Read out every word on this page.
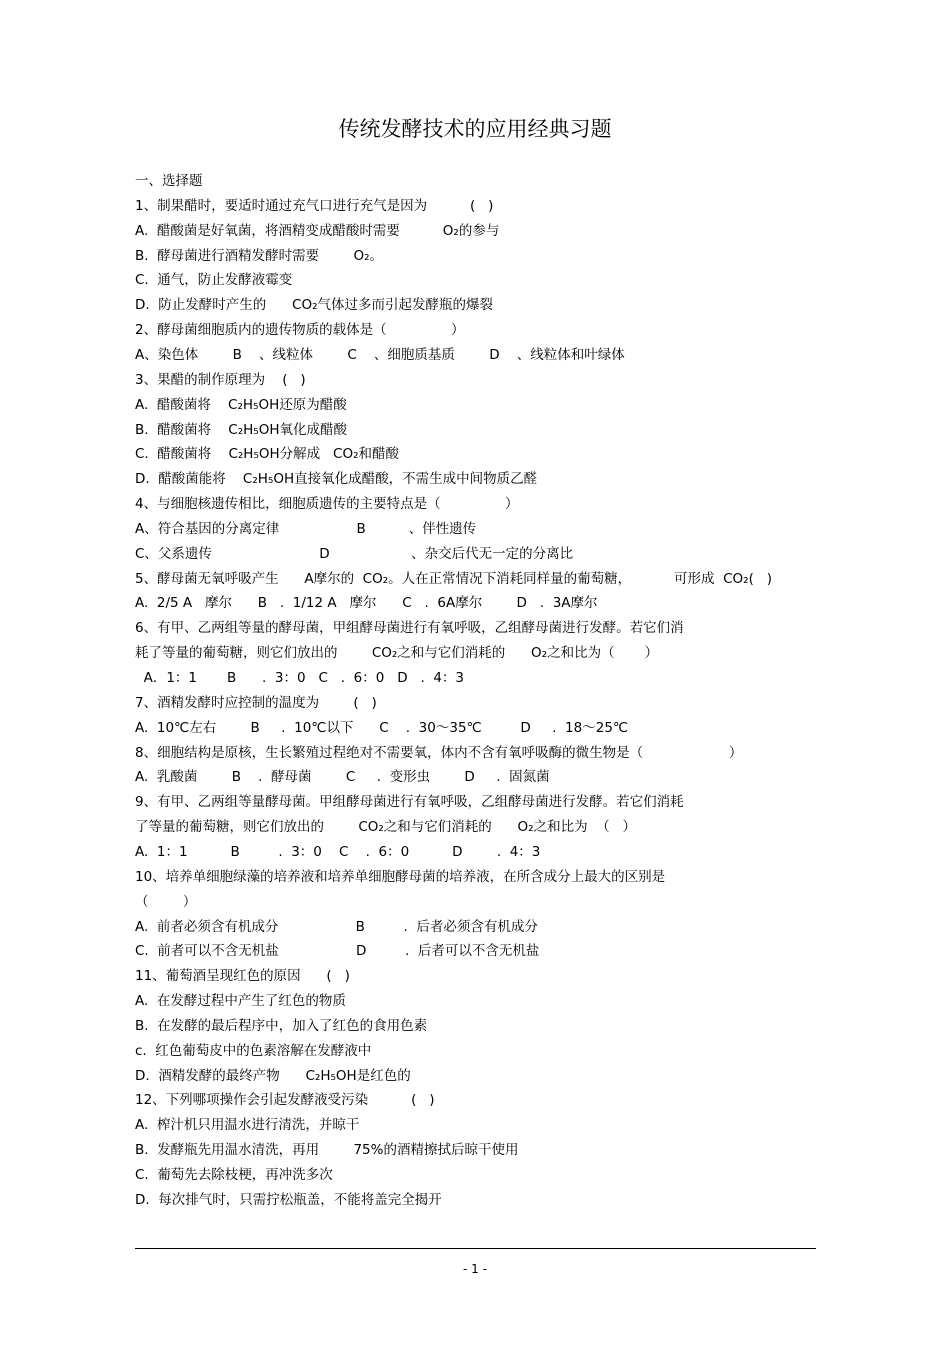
传统发酵技术的应用经典习题
一、选择题
1、制果醋时，要适时通过充气口进行充气是因为          (   )
A.  醋酸菌是好氧菌，将酒精变成醋酸时需要          O₂的参与
B.  酵母菌进行酒精发酵时需要        O₂。
C.  通气，防止发酵液霉变
D.  防止发酵时产生的      CO₂气体过多而引起发酵瓶的爆裂
2、酵母菌细胞质内的遗传物质的载体是（               ）
A、染色体        B    、线粒体        C    、细胞质基质        D    、线粒体和叶绿体
3、果醋的制作原理为    (   )
A.  醋酸菌将    C₂H₅OH还原为醋酸
B.  醋酸菌将    C₂H₅OH氧化成醋酸
C.  醋酸菌将    C₂H₅OH分解成   CO₂和醋酸
D.  醋酸菌能将    C₂H₅OH直接氧化成醋酸，不需生成中间物质乙醛
4、与细胞核遗传相比，细胞质遗传的主要特点是（               ）
A、符合基因的分离定律                  B          、伴性遗传
C、父系遗传                         D                   、杂交后代无一定的分离比
5、酵母菌无氧呼吸产生      A摩尔的  CO₂。人在正常情况下消耗同样量的葡萄糖，          可形成  CO₂(   )
A.  2/5 A   摩尔      B   .  1/12 A   摩尔      C   .  6A摩尔        D   .  3A摩尔
6、有甲、乙两组等量的酵母菌，甲组酵母菌进行有氧呼吸，乙组酵母菌进行发酵。若它们消
耗了等量的葡萄糖，则它们放出的        CO₂之和与它们消耗的      O₂之和比为（       ）
A．1：1       B      .  3：0   C   .  6：0   D   .  4：3
7、酒精发酵时应控制的温度为        (   )
A.  10℃左右        B     .  10℃以下      C    .  30～35℃         D     .  18～25℃
8、细胞结构是原核，生长繁殖过程绝对不需要氧，体内不含有氧呼吸酶的微生物是（                    ）
A.  乳酸菌        B    .  酵母菌        C     .  变形虫        D     .  固氮菌
9、有甲、乙两组等量酵母菌。甲组酵母菌进行有氧呼吸，乙组酵母菌进行发酵。若它们消耗
了等量的葡萄糖，则它们放出的        CO₂之和与它们消耗的      O₂之和比为  （   ）
A.  1：1          B         .  3：0    C    .  6：0          D        .  4：3
10、培养单细胞绿藻的培养液和培养单细胞酵母菌的培养液，在所含成分上最大的区别是
（        ）
A.  前者必须含有机成分                  B         .  后者必须含有机成分
C.  前者可以不含无机盐                  D         .  后者可以不含无机盐
11、葡萄酒呈现红色的原因      (   )
A.  在发酵过程中产生了红色的物质
B.  在发酵的最后程序中，加入了红色的食用色素
c.  红色葡萄皮中的色素溶解在发酵液中
D.  酒精发酵的最终产物      C₂H₅OH是红色的
12、下列哪项操作会引起发酵液受污染          (   )
A.  榨汁机只用温水进行清洗，并晾干
B.  发酵瓶先用温水清洗，再用        75%的酒精擦拭后晾干使用
C.  葡萄先去除枝梗，再冲洗多次
D.  每次排气时，只需拧松瓶盖，不能将盖完全揭开
- 1 -
